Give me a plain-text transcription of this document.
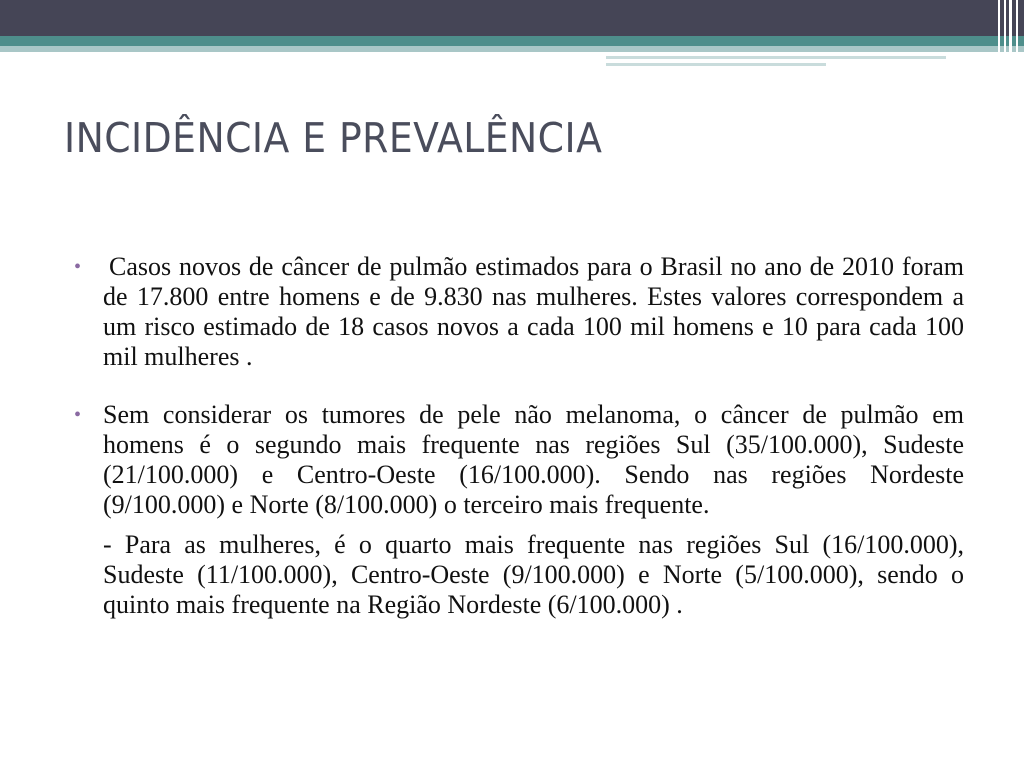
INCIDÊNCIA E PREVALÊNCIA
• Casos novos de câncer de pulmão estimados para o Brasil no ano de 2010 foram de 17.800 entre homens e de 9.830 nas mulheres. Estes valores correspondem a um risco estimado de 18 casos novos a cada 100 mil homens e 10 para cada 100 mil mulheres .

• Sem considerar os tumores de pele não melanoma, o câncer de pulmão em homens é o segundo mais frequente nas regiões Sul (35/100.000), Sudeste (21/100.000) e Centro-Oeste (16/100.000). Sendo nas regiões Nordeste (9/100.000) e Norte (8/100.000) o terceiro mais frequente.

- Para as mulheres, é o quarto mais frequente nas regiões Sul (16/100.000), Sudeste (11/100.000), Centro-Oeste (9/100.000) e Norte (5/100.000), sendo o quinto mais frequente na Região Nordeste (6/100.000) .
